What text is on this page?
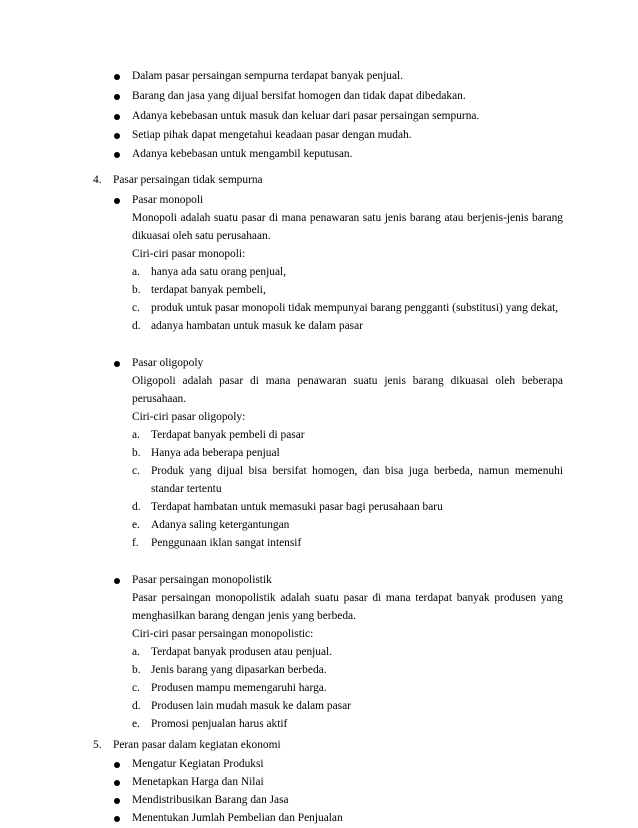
Dalam pasar persaingan sempurna terdapat banyak penjual.
Barang dan jasa yang dijual bersifat homogen dan tidak dapat dibedakan.
Adanya kebebasan untuk masuk dan keluar dari pasar persaingan sempurna.
Setiap pihak dapat mengetahui keadaan pasar dengan mudah.
Adanya kebebasan untuk mengambil keputusan.
4. Pasar persaingan tidak sempurna
Pasar monopoli
Monopoli adalah suatu pasar di mana penawaran satu jenis barang atau berjenis-jenis barang
dikuasai oleh satu perusahaan.
Ciri-ciri pasar monopoli:
a. hanya ada satu orang penjual,
b. terdapat banyak pembeli,
c. produk untuk pasar monopoli tidak mempunyai barang pengganti (substitusi) yang dekat,
d. adanya hambatan untuk masuk ke dalam pasar
Pasar oligopoly
Oligopoli adalah pasar di mana penawaran suatu jenis barang dikuasai oleh beberapa
perusahaan.
Ciri-ciri pasar oligopoly:
a. Terdapat banyak pembeli di pasar
b. Hanya ada beberapa penjual
c. Produk yang dijual bisa bersifat homogen, dan bisa juga berbeda, namun memenuhi
standar tertentu
d. Terdapat hambatan untuk memasuki pasar bagi perusahaan baru
e. Adanya saling ketergantungan
f. Penggunaan iklan sangat intensif
Pasar persaingan monopolistik
Pasar persaingan monopolistik adalah suatu pasar di mana terdapat banyak produsen yang
menghasilkan barang dengan jenis yang berbeda.
Ciri-ciri pasar persaingan monopolistic:
a. Terdapat banyak produsen atau penjual.
b. Jenis barang yang dipasarkan berbeda.
c. Produsen mampu memengaruhi harga.
d. Produsen lain mudah masuk ke dalam pasar
e. Promosi penjualan harus aktif
5. Peran pasar dalam kegiatan ekonomi
Mengatur Kegiatan Produksi
Menetapkan Harga dan Nilai
Mendistribusikan Barang dan Jasa
Menentukan Jumlah Pembelian dan Penjualan
